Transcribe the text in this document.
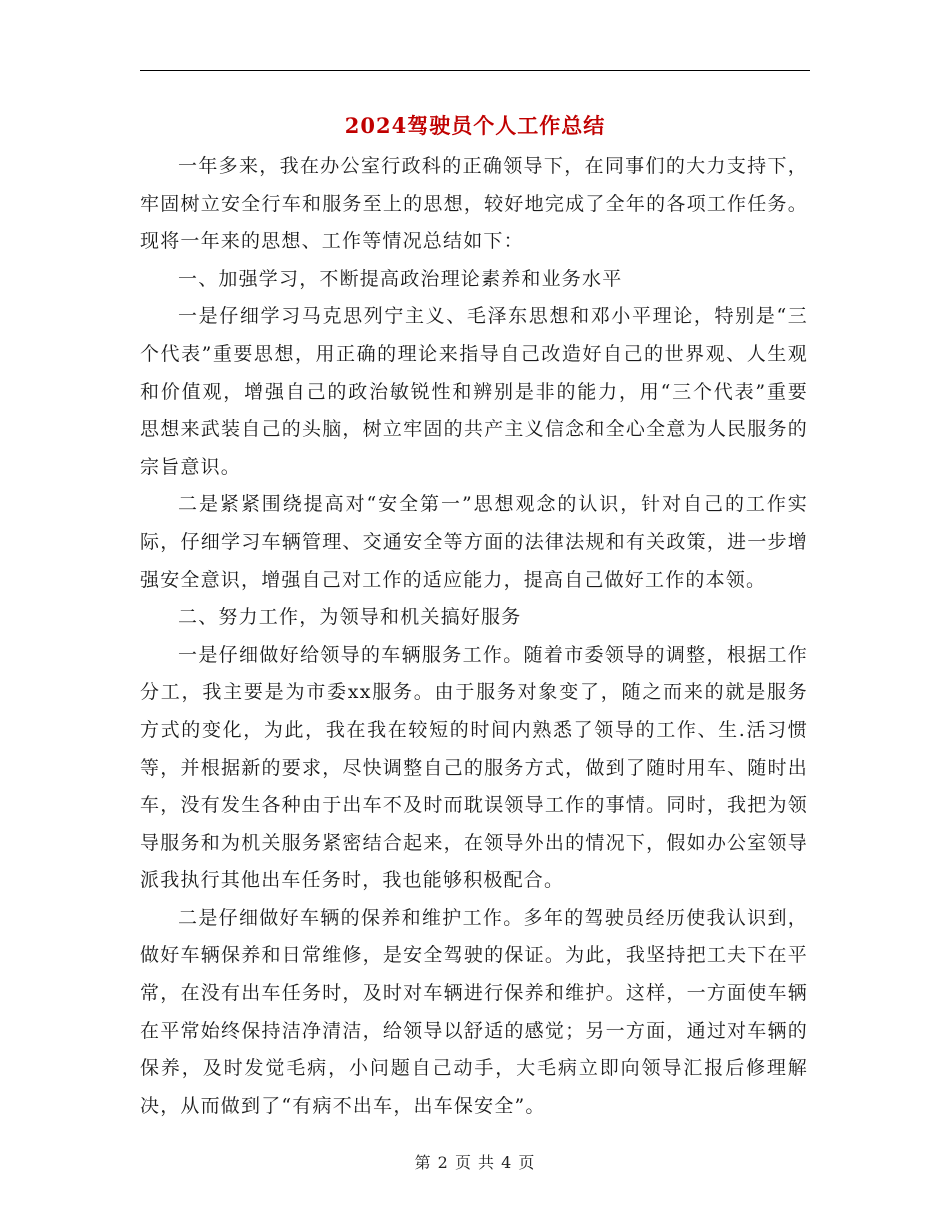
2024驾驶员个人工作总结

一年多来，我在办公室行政科的正确领导下，在同事们的大力支持下，牢固树立安全行车和服务至上的思想，较好地完成了全年的各项工作任务。现将一年来的思想、工作等情况总结如下：

一、加强学习，不断提高政治理论素养和业务水平

一是仔细学习马克思列宁主义、毛泽东思想和邓小平理论，特别是“三个代表”重要思想，用正确的理论来指导自己改造好自己的世界观、人生观和价值观，增强自己的政治敏锐性和辨别是非的能力，用“三个代表”重要思想来武装自己的头脑，树立牢固的共产主义信念和全心全意为人民服务的宗旨意识。

二是紧紧围绕提高对“安全第一”思想观念的认识，针对自己的工作实际，仔细学习车辆管理、交通安全等方面的法律法规和有关政策，进一步增强安全意识，增强自己对工作的适应能力，提高自己做好工作的本领。

二、努力工作，为领导和机关搞好服务

一是仔细做好给领导的车辆服务工作。随着市委领导的调整，根据工作分工，我主要是为市委xx服务。由于服务对象变了，随之而来的就是服务方式的变化，为此，我在我在较短的时间内熟悉了领导的工作、生.活习惯等，并根据新的要求，尽快调整自己的服务方式，做到了随时用车、随时出车，没有发生各种由于出车不及时而耽误领导工作的事情。同时，我把为领导服务和为机关服务紧密结合起来，在领导外出的情况下，假如办公室领导派我执行其他出车任务时，我也能够积极配合。

二是仔细做好车辆的保养和维护工作。多年的驾驶员经历使我认识到，做好车辆保养和日常维修，是安全驾驶的保证。为此，我坚持把工夫下在平常，在没有出车任务时，及时对车辆进行保养和维护。这样，一方面使车辆在平常始终保持洁净清洁，给领导以舒适的感觉；另一方面，通过对车辆的保养，及时发觉毛病，小问题自己动手，大毛病立即向领导汇报后修理解决，从而做到了“有病不出车，出车保安全”。

第 2 页 共 4 页
